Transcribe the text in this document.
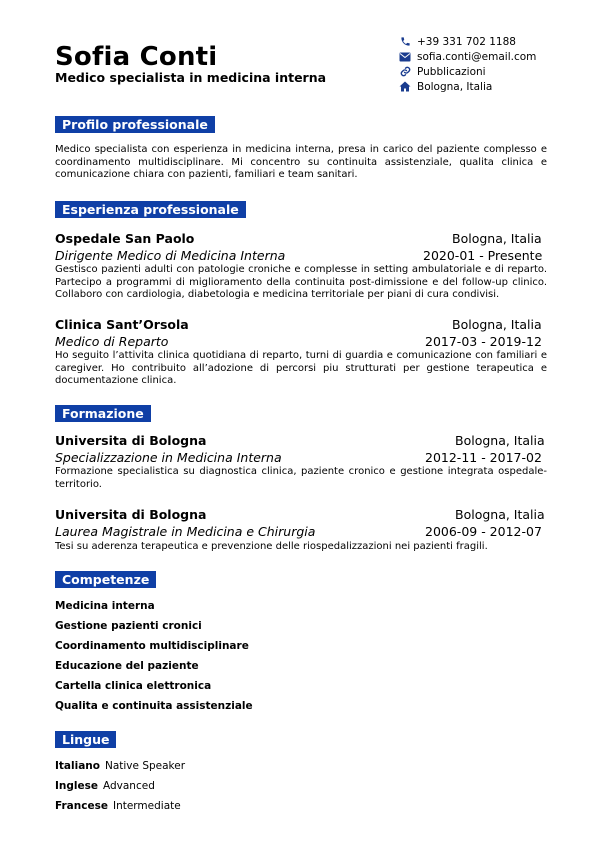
Sofia Conti
Medico specialista in medicina interna
+39 331 702 1188
sofia.conti@email.com
Pubblicazioni
Bologna, Italia
Profilo professionale
Medico specialista con esperienza in medicina interna, presa in carico del paziente complesso e coordinamento multidisciplinare. Mi concentro su continuita assistenziale, qualita clinica e comunicazione chiara con pazienti, familiari e team sanitari.
Esperienza professionale
Ospedale San Paolo	Bologna, Italia
Dirigente Medico di Medicina Interna	2020-01 - Presente
Gestisco pazienti adulti con patologie croniche e complesse in setting ambulatoriale e di reparto. Partecipo a programmi di miglioramento della continuita post-dimissione e del follow-up clinico. Collaboro con cardiologia, diabetologia e medicina territoriale per piani di cura condivisi.
Clinica Sant’Orsola	Bologna, Italia
Medico di Reparto	2017-03 - 2019-12
Ho seguito l’attivita clinica quotidiana di reparto, turni di guardia e comunicazione con familiari e caregiver. Ho contribuito all’adozione di percorsi piu strutturati per gestione terapeutica e documentazione clinica.
Formazione
Universita di Bologna	Bologna, Italia
Specializzazione in Medicina Interna	2012-11 - 2017-02
Formazione specialistica su diagnostica clinica, paziente cronico e gestione integrata ospedale-territorio.
Universita di Bologna	Bologna, Italia
Laurea Magistrale in Medicina e Chirurgia	2006-09 - 2012-07
Tesi su aderenza terapeutica e prevenzione delle riospedalizzazioni nei pazienti fragili.
Competenze
Medicina interna
Gestione pazienti cronici
Coordinamento multidisciplinare
Educazione del paziente
Cartella clinica elettronica
Qualita e continuita assistenziale
Lingue
Italiano Native Speaker
Inglese Advanced
Francese Intermediate
